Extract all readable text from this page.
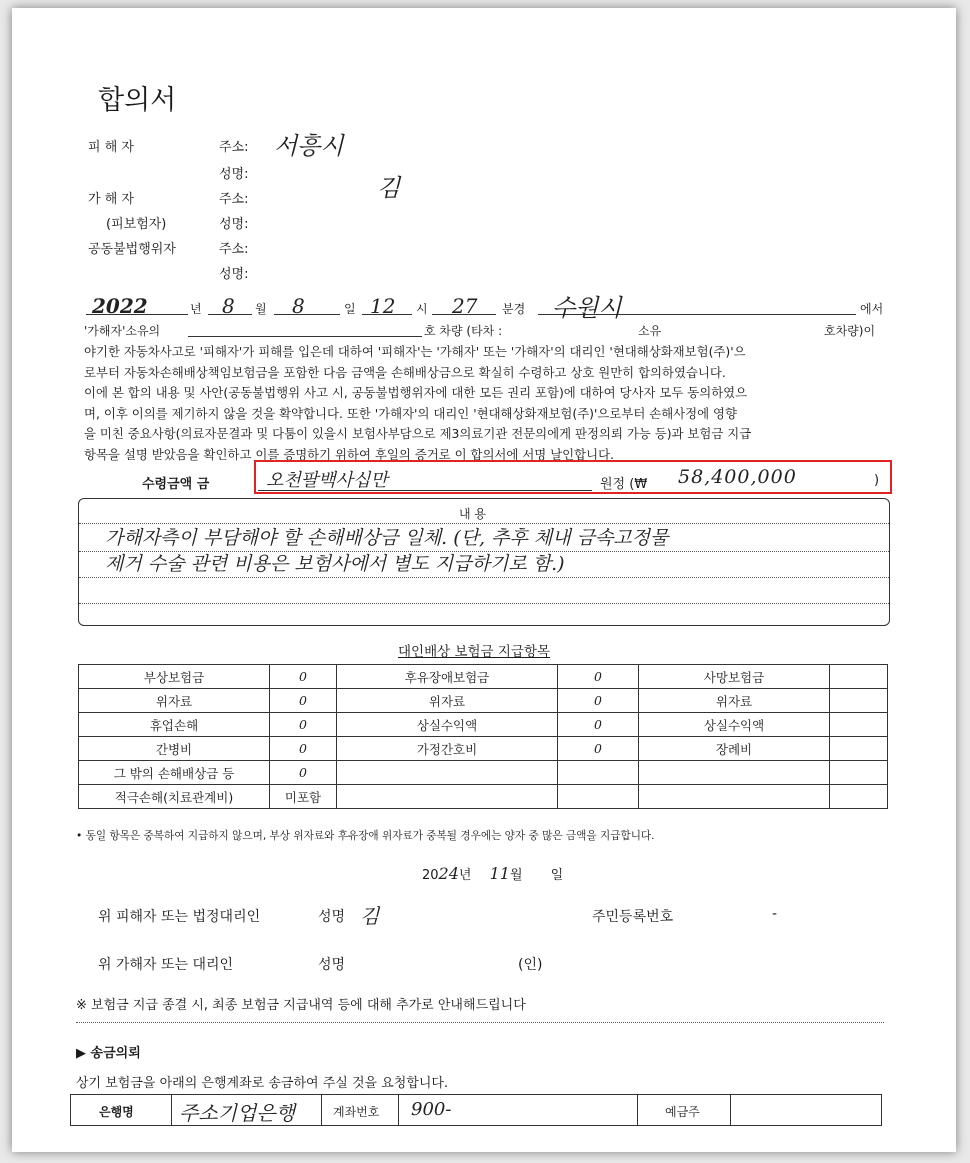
합의서
피 해 자	주소: 서흥시
성명:	김
가 해 자	주소:
(피보험자)	성명:
공동불법행위자	주소:
성명:
2022	년 8 월 8	일 12 시 27 분경 수원시	에서
'가해자'소유의	호 차량 (타차 :	소유	호차량)이
야기한 자동차사고로 '피해자'가 피해를 입은데 대하여 '피해자'는 '가해자' 또는 '가해자'의 대리인 '현대해상화재보험(주)'으
로부터 자동차손해배상책임보험금을 포함한 다음 금액을 손해배상금으로 확실히 수령하고 상호 원만히 합의하였습니다.
이에 본 합의 내용 및 사안(공동불법행위 사고 시, 공동불법행위자에 대한 모든 권리 포함)에 대하여 당사자 모두 동의하였으
며, 이후 이의를 제기하지 않을 것을 확약합니다. 또한 '가해자'의 대리인 '현대해상화재보험(주)'으로부터 손해사정에 영향
을 미친 중요사항(의료자문결과 및 다툼이 있을시 보험사부담으로 제3의료기관 전문의에게 판정의뢰 가능 등)과 보험금 지급
항목을 설명 받았음을 확인하고 이를 증명하기 위하여 후일의 증거로 이 합의서에 서명 날인합니다.
수령금액 금	오천팔백사십만	원정 (₩ 58,400,000	)
내 용
가해자측이 부담해야 할 손해배상금 일체. (단, 추후 체내 금속고정물
제거 수술 관련 비용은 보험사에서 별도 지급하기로 함.)
대인배상 보험금 지급항목
부상보험금	0	후유장애보험금	0	사망보험금	
위자료	0	위자료	0	위자료	
휴업손해	0	상실수익액	0	상실수익액	
간병비	0	가정간호비	0	장례비	
그 밖의 손해배상금 등	0				
적극손해(치료관계비)	미포함				
• 동일 항목은 중복하여 지급하지 않으며, 부상 위자료와 후유장애 위자료가 중복될 경우에는 양자 중 많은 금액을 지급합니다.
2024년 11월 일
위 피해자 또는 법정대리인	성명 김	주민등록번호	-
위 가해자 또는 대리인	성명	(인)
※ 보험금 지급 종결 시, 최종 보험금 지급내역 등에 대해 추가로 안내해드립니다
▶ 송금의뢰
상기 보험금을 아래의 은행계좌로 송금하여 주실 것을 요청합니다.
은행명 주소기업은행	계좌번호 900-	예금주
